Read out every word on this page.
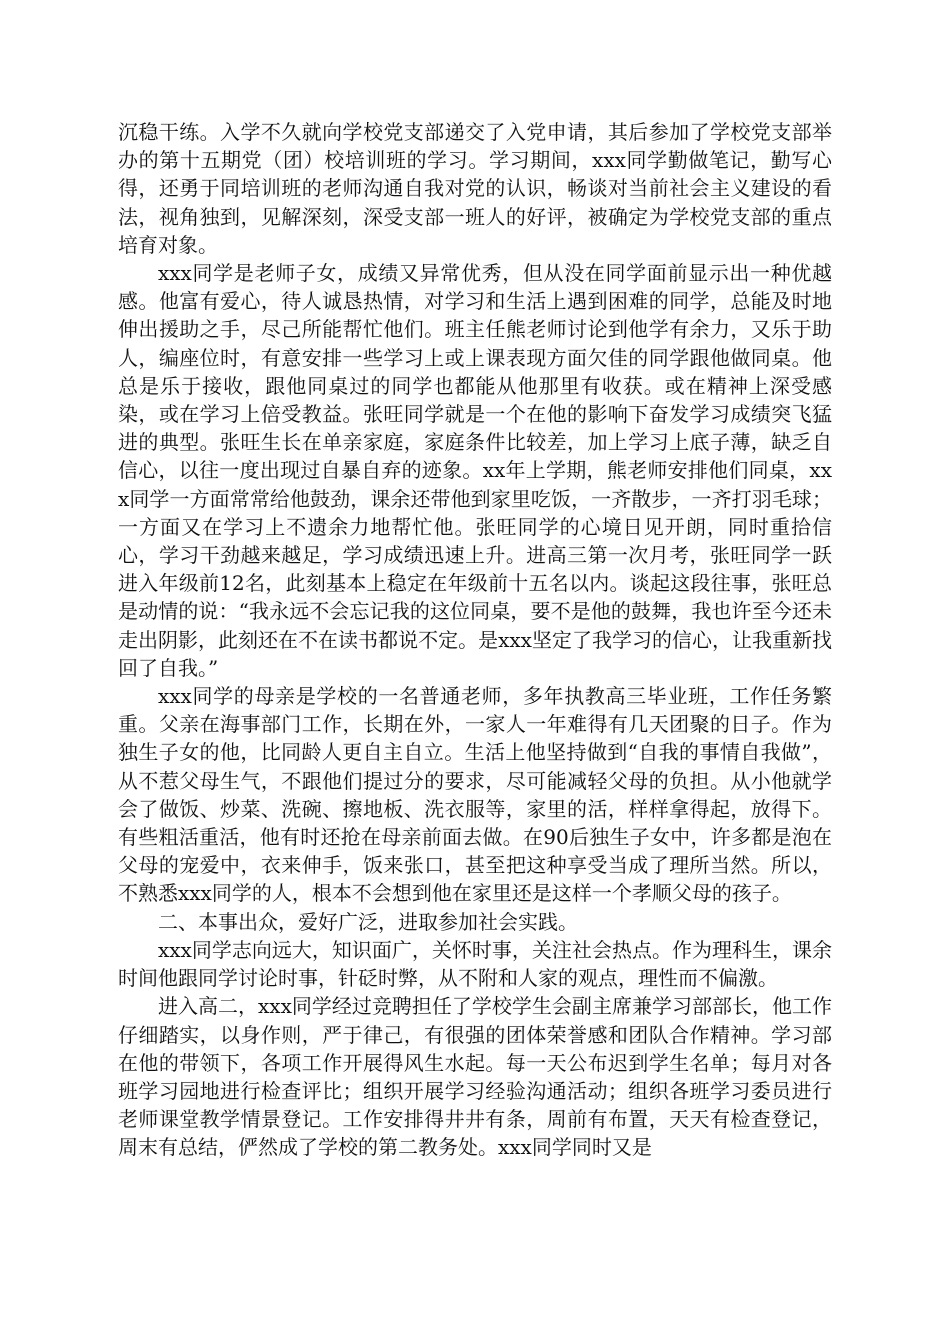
沉稳干练。入学不久就向学校党支部递交了入党申请，其后参加了学校党支部举办的第十五期党（团）校培训班的学习。学习期间，xxx同学勤做笔记，勤写心得，还勇于同培训班的老师沟通自我对党的认识，畅谈对当前社会主义建设的看法，视角独到，见解深刻，深受支部一班人的好评，被确定为学校党支部的重点培育对象。

xxx同学是老师子女，成绩又异常优秀，但从没在同学面前显示出一种优越感。他富有爱心，待人诚恳热情，对学习和生活上遇到困难的同学，总能及时地伸出援助之手，尽己所能帮忙他们。班主任熊老师讨论到他学有余力，又乐于助人，编座位时，有意安排一些学习上或上课表现方面欠佳的同学跟他做同桌。他总是乐于接收，跟他同桌过的同学也都能从他那里有收获。或在精神上深受感染，或在学习上倍受教益。张旺同学就是一个在他的影响下奋发学习成绩突飞猛进的典型。张旺生长在单亲家庭，家庭条件比较差，加上学习上底子薄，缺乏自信心，以往一度出现过自暴自弃的迹象。xx年上学期，熊老师安排他们同桌，xxx同学一方面常常给他鼓劲，课余还带他到家里吃饭，一齐散步，一齐打羽毛球；一方面又在学习上不遗余力地帮忙他。张旺同学的心境日见开朗，同时重拾信心，学习干劲越来越足，学习成绩迅速上升。进高三第一次月考，张旺同学一跃进入年级前12名，此刻基本上稳定在年级前十五名以内。谈起这段往事，张旺总是动情的说：“我永远不会忘记我的这位同桌，要不是他的鼓舞，我也许至今还未走出阴影，此刻还在不在读书都说不定。是xxx坚定了我学习的信心，让我重新找回了自我。”

xxx同学的母亲是学校的一名普通老师，多年执教高三毕业班，工作任务繁重。父亲在海事部门工作，长期在外，一家人一年难得有几天团聚的日子。作为独生子女的他，比同龄人更自主自立。生活上他坚持做到“自我的事情自我做”，从不惹父母生气，不跟他们提过分的要求，尽可能减轻父母的负担。从小他就学会了做饭、炒菜、洗碗、擦地板、洗衣服等，家里的活，样样拿得起，放得下。有些粗活重活，他有时还抢在母亲前面去做。在90后独生子女中，许多都是泡在父母的宠爱中，衣来伸手，饭来张口，甚至把这种享受当成了理所当然。所以，不熟悉xxx同学的人，根本不会想到他在家里还是这样一个孝顺父母的孩子。

二、本事出众，爱好广泛，进取参加社会实践。

xxx同学志向远大，知识面广，关怀时事，关注社会热点。作为理科生，课余时间他跟同学讨论时事，针砭时弊，从不附和人家的观点，理性而不偏激。

进入高二，xxx同学经过竞聘担任了学校学生会副主席兼学习部部长，他工作仔细踏实，以身作则，严于律己，有很强的团体荣誉感和团队合作精神。学习部在他的带领下，各项工作开展得风生水起。每一天公布迟到学生名单；每月对各班学习园地进行检查评比；组织开展学习经验沟通活动；组织各班学习委员进行老师课堂教学情景登记。工作安排得井井有条，周前有布置，天天有检查登记，周末有总结，俨然成了学校的第二教务处。xxx同学同时又是
